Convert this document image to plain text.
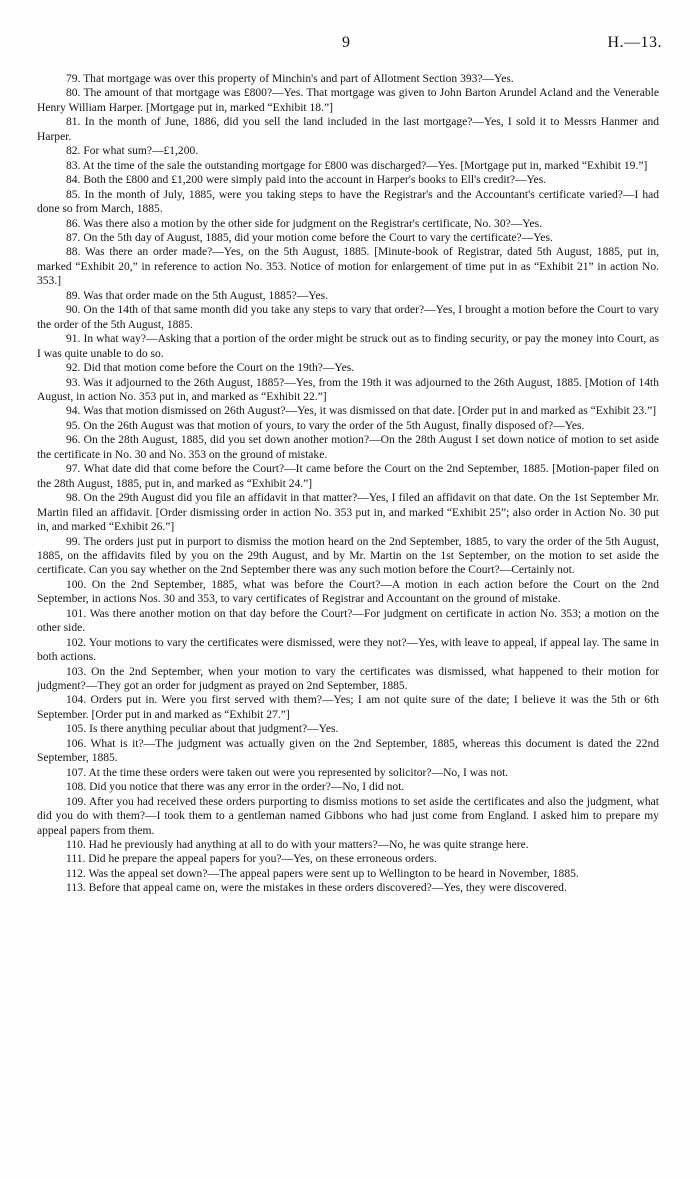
9	H.—13.

79. That mortgage was over this property of Minchin's and part of Allotment Section 393?—Yes.

80. The amount of that mortgage was £800?—Yes. That mortgage was given to John Barton Arundel Acland and the Venerable Henry William Harper. [Mortgage put in, marked “Exhibit 18.”]

81. In the month of June, 1886, did you sell the land included in the last mortgage?—Yes, I sold it to Messrs Hanmer and Harper.

82. For what sum?—£1,200.

83. At the time of the sale the outstanding mortgage for £800 was discharged?—Yes. [Mortgage put in, marked “Exhibit 19.”]

84. Both the £800 and £1,200 were simply paid into the account in Harper's books to Ell's credit?—Yes.

85. In the month of July, 1885, were you taking steps to have the Registrar's and the Accountant's certificate varied?—I had done so from March, 1885.

86. Was there also a motion by the other side for judgment on the Registrar's certificate, No. 30?—Yes.

87. On the 5th day of August, 1885, did your motion come before the Court to vary the certificate?—Yes.

88. Was there an order made?—Yes, on the 5th August, 1885. [Minute-book of Registrar, dated 5th August, 1885, put in, marked “Exhibit 20,” in reference to action No. 353. Notice of motion for enlargement of time put in as “Exhibit 21” in action No. 353.]

89. Was that order made on the 5th August, 1885?—Yes.

90. On the 14th of that same month did you take any steps to vary that order?—Yes, I brought a motion before the Court to vary the order of the 5th August, 1885.

91. In what way?—Asking that a portion of the order might be struck out as to finding security, or pay the money into Court, as I was quite unable to do so.

92. Did that motion come before the Court on the 19th?—Yes.

93. Was it adjourned to the 26th August, 1885?—Yes, from the 19th it was adjourned to the 26th August, 1885. [Motion of 14th August, in action No. 353 put in, and marked as “Exhibit 22.”]

94. Was that motion dismissed on 26th August?—Yes, it was dismissed on that date. [Order put in and marked as “Exhibit 23.”]

95. On the 26th August was that motion of yours, to vary the order of the 5th August, finally disposed of?—Yes.

96. On the 28th August, 1885, did you set down another motion?—On the 28th August I set down notice of motion to set aside the certificate in No. 30 and No. 353 on the ground of mistake.

97. What date did that come before the Court?—It came before the Court on the 2nd September, 1885. [Motion-paper filed on the 28th August, 1885, put in, and marked as “Exhibit 24.”]

98. On the 29th August did you file an affidavit in that matter?—Yes, I filed an affidavit on that date. On the 1st September Mr. Martin filed an affidavit. [Order dismissing order in action No. 353 put in, and marked “Exhibit 25”; also order in Action No. 30 put in, and marked “Exhibit 26.”]

99. The orders just put in purport to dismiss the motion heard on the 2nd September, 1885, to vary the order of the 5th August, 1885, on the affidavits filed by you on the 29th August, and by Mr. Martin on the 1st September, on the motion to set aside the certificate. Can you say whether on the 2nd September there was any such motion before the Court?—Certainly not.

100. On the 2nd September, 1885, what was before the Court?—A motion in each action before the Court on the 2nd September, in actions Nos. 30 and 353, to vary certificates of Registrar and Accountant on the ground of mistake.

101. Was there another motion on that day before the Court?—For judgment on certificate in action No. 353; a motion on the other side.

102. Your motions to vary the certificates were dismissed, were they not?—Yes, with leave to appeal, if appeal lay. The same in both actions.

103. On the 2nd September, when your motion to vary the certificates was dismissed, what happened to their motion for judgment?—They got an order for judgment as prayed on 2nd September, 1885.

104. Orders put in. Were you first served with them?—Yes; I am not quite sure of the date; I believe it was the 5th or 6th September. [Order put in and marked as “Exhibit 27.”]

105. Is there anything peculiar about that judgment?—Yes.

106. What is it?—The judgment was actually given on the 2nd September, 1885, whereas this document is dated the 22nd September, 1885.

107. At the time these orders were taken out were you represented by solicitor?—No, I was not.

108. Did you notice that there was any error in the order?—No, I did not.

109. After you had received these orders purporting to dismiss motions to set aside the certificates and also the judgment, what did you do with them?—I took them to a gentleman named Gibbons who had just come from England. I asked him to prepare my appeal papers from them.

110. Had he previously had anything at all to do with your matters?—No, he was quite strange here.

111. Did he prepare the appeal papers for you?—Yes, on these erroneous orders.

112. Was the appeal set down?—The appeal papers were sent up to Wellington to be heard in November, 1885.

113. Before that appeal came on, were the mistakes in these orders discovered?—Yes, they were discovered.
